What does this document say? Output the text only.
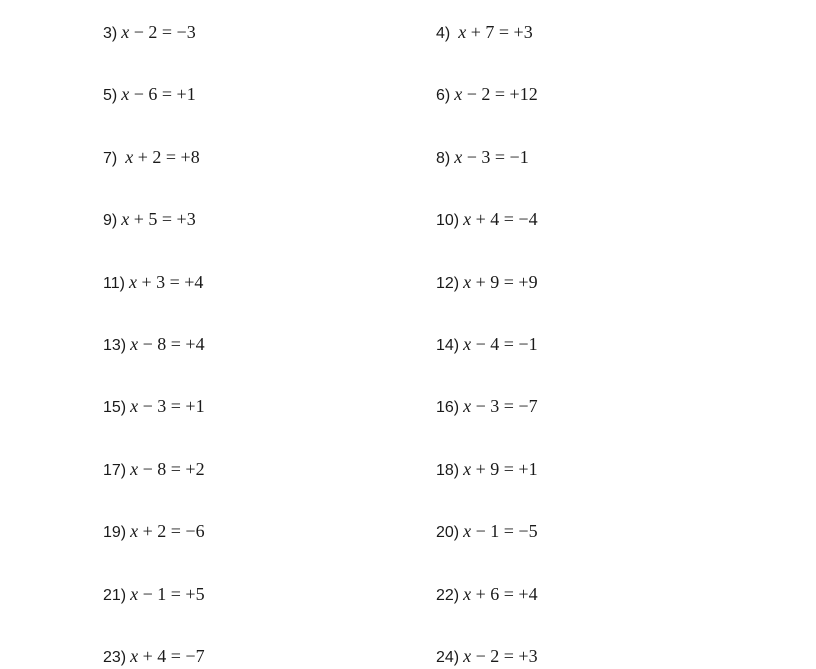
3) x − 2 = −3	4) x + 7 = +3
5) x − 6 = +1	6) x − 2 = +12
7) x + 2 = +8	8) x − 3 = −1
9) x + 5 = +3	10) x + 4 = −4
11) x + 3 = +4	12) x + 9 = +9
13) x − 8 = +4	14) x − 4 = −1
15) x − 3 = +1	16) x − 3 = −7
17) x − 8 = +2	18) x + 9 = +1
19) x + 2 = −6	20) x − 1 = −5
21) x − 1 = +5	22) x + 6 = +4
23) x + 4 = −7	24) x − 2 = +3
